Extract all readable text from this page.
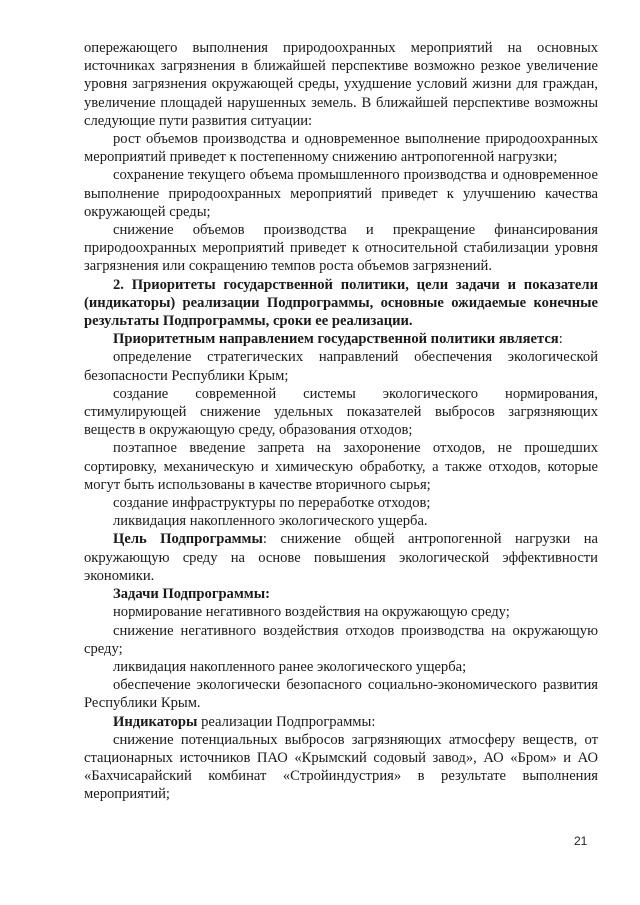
опережающего выполнения природоохранных мероприятий на основных источниках загрязнения в ближайшей перспективе возможно резкое увеличение уровня загрязнения окружающей среды, ухудшение условий жизни для граждан, увеличение площадей нарушенных земель. В ближайшей перспективе возможны следующие пути развития ситуации:

рост объемов производства и одновременное выполнение природоохранных мероприятий приведет к постепенному снижению антропогенной нагрузки;

сохранение текущего объема промышленного производства и одновременное выполнение природоохранных мероприятий приведет к улучшению качества окружающей среды;

снижение объемов производства и прекращение финансирования природоохранных мероприятий приведет к относительной стабилизации уровня загрязнения или сокращению темпов роста объемов загрязнений.

2. Приоритеты государственной политики, цели задачи и показатели (индикаторы) реализации Подпрограммы, основные ожидаемые конечные результаты Подпрограммы, сроки ее реализации.

Приоритетным направлением государственной политики является:

определение стратегических направлений обеспечения экологической безопасности Республики Крым;

создание современной системы экологического нормирования, стимулирующей снижение удельных показателей выбросов загрязняющих веществ в окружающую среду, образования отходов;

поэтапное введение запрета на захоронение отходов, не прошедших сортировку, механическую и химическую обработку, а также отходов, которые могут быть использованы в качестве вторичного сырья;

создание инфраструктуры по переработке отходов;

ликвидация накопленного экологического ущерба.

Цель Подпрограммы: снижение общей антропогенной нагрузки на окружающую среду на основе повышения экологической эффективности экономики.

Задачи Подпрограммы:

нормирование негативного воздействия на окружающую среду;

снижение негативного воздействия отходов производства на окружающую среду;

ликвидация накопленного ранее экологического ущерба;

обеспечение экологически безопасного социально-экономического развития Республики Крым.

Индикаторы реализации Подпрограммы:

снижение потенциальных выбросов загрязняющих атмосферу веществ, от стационарных источников ПАО «Крымский содовый завод», АО «Бром» и АО «Бахчисарайский комбинат «Стройиндустрия» в результате выполнения мероприятий;

21
